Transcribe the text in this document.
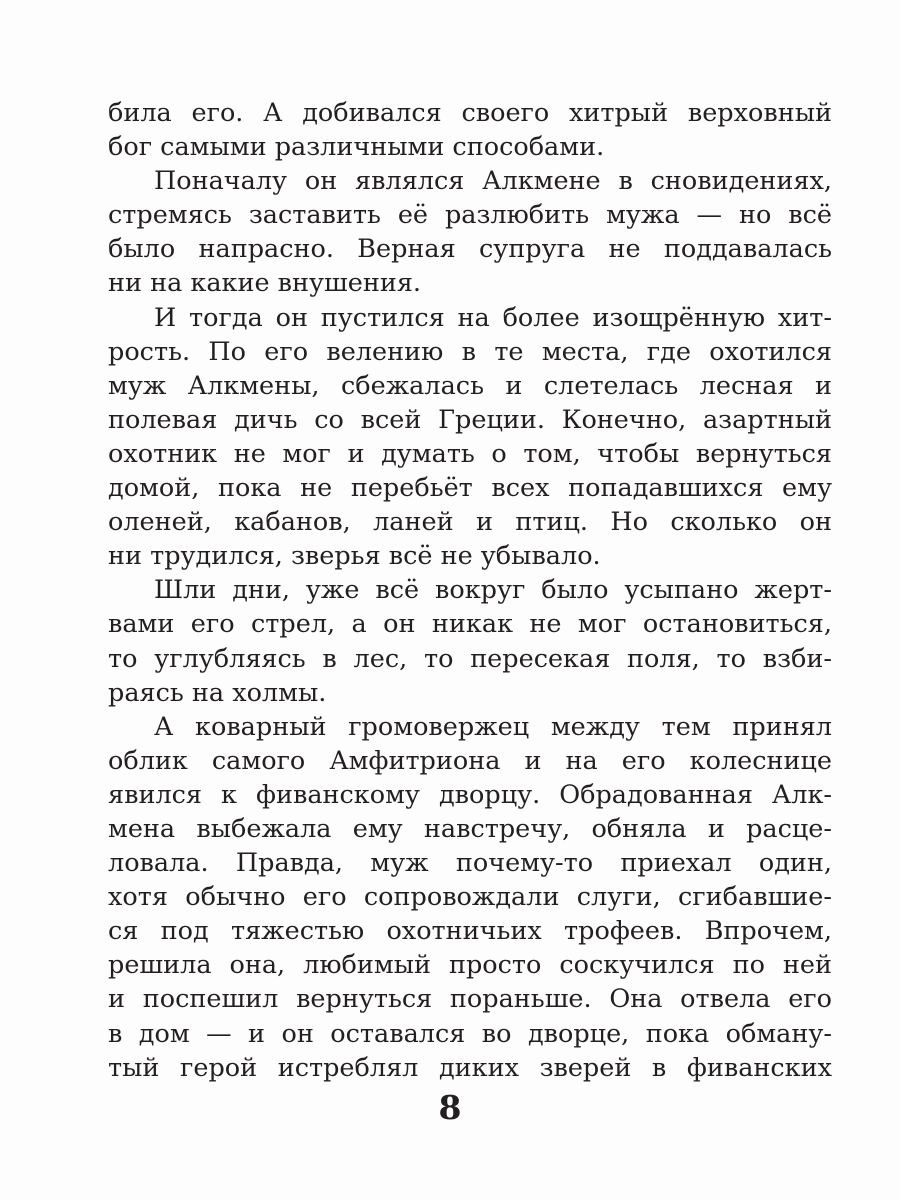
била его. А добивался своего хитрый верховный
бог самыми различными способами.
Поначалу он являлся Алкмене в сновидениях,
стремясь заставить её разлюбить мужа — но всё
было напрасно. Верная супруга не поддавалась
ни на какие внушения.
И тогда он пустился на более изощрённую хит-
рость. По его велению в те места, где охотился
муж Алкмены, сбежалась и слетелась лесная и
полевая дичь со всей Греции. Конечно, азартный
охотник не мог и думать о том, чтобы вернуться
домой, пока не перебьёт всех попадавшихся ему
оленей, кабанов, ланей и птиц. Но сколько он
ни трудился, зверья всё не убывало.
Шли дни, уже всё вокруг было усыпано жерт-
вами его стрел, а он никак не мог остановиться,
то углубляясь в лес, то пересекая поля, то взби-
раясь на холмы.
А коварный громовержец между тем принял
облик самого Амфитриона и на его колеснице
явился к фиванскому дворцу. Обрадованная Алк-
мена выбежала ему навстречу, обняла и расце-
ловала. Правда, муж почему-то приехал один,
хотя обычно его сопровождали слуги, сгибавшие-
ся под тяжестью охотничьих трофеев. Впрочем,
решила она, любимый просто соскучился по ней
и поспешил вернуться пораньше. Она отвела его
в дом — и он оставался во дворце, пока обману-
тый герой истреблял диких зверей в фиванских
8
